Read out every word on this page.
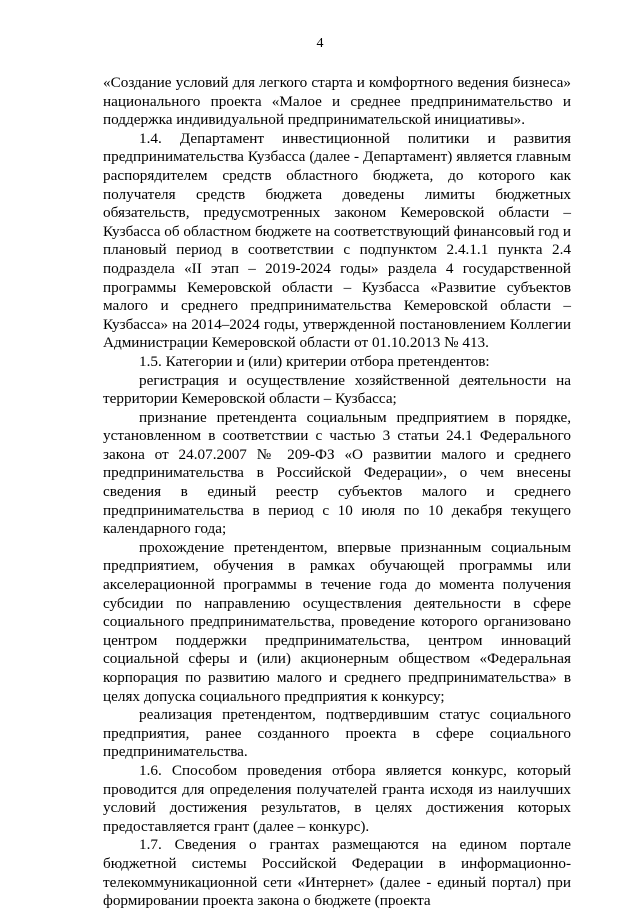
4

«Создание условий для легкого старта и комфортного ведения бизнеса» национального проекта «Малое и среднее предпринимательство и поддержка индивидуальной предпринимательской инициативы».

1.4. Департамент инвестиционной политики и развития предпринимательства Кузбасса (далее - Департамент) является главным распорядителем средств областного бюджета, до которого как получателя средств бюджета доведены лимиты бюджетных обязательств, предусмотренных законом Кемеровской области – Кузбасса об областном бюджете на соответствующий финансовый год и плановый период в соответствии с подпунктом 2.4.1.1 пункта 2.4 подраздела «II этап – 2019-2024 годы» раздела 4 государственной программы Кемеровской области – Кузбасса «Развитие субъектов малого и среднего предпринимательства Кемеровской области – Кузбасса» на 2014–2024 годы, утвержденной постановлением Коллегии Администрации Кемеровской области от 01.10.2013 № 413.

1.5. Категории и (или) критерии отбора претендентов:

регистрация и осуществление хозяйственной деятельности на территории Кемеровской области – Кузбасса;

признание претендента социальным предприятием в порядке, установленном в соответствии с частью 3 статьи 24.1 Федерального закона от 24.07.2007 № 209-ФЗ «О развитии малого и среднего предпринимательства в Российской Федерации», о чем внесены сведения в единый реестр субъектов малого и среднего предпринимательства в период с 10 июля по 10 декабря текущего календарного года;

прохождение претендентом, впервые признанным социальным предприятием, обучения в рамках обучающей программы или акселерационной программы в течение года до момента получения субсидии по направлению осуществления деятельности в сфере социального предпринимательства, проведение которого организовано центром поддержки предпринимательства, центром инноваций социальной сферы и (или) акционерным обществом «Федеральная корпорация по развитию малого и среднего предпринимательства» в целях допуска социального предприятия к конкурсу;

реализация претендентом, подтвердившим статус социального предприятия, ранее созданного проекта в сфере социального предпринимательства.

1.6. Способом проведения отбора является конкурс, который проводится для определения получателей гранта исходя из наилучших условий достижения результатов, в целях достижения которых предоставляется грант (далее – конкурс).

1.7. Сведения о грантах размещаются на едином портале бюджетной системы Российской Федерации в информационно-телекоммуникационной сети «Интернет» (далее - единый портал) при формировании проекта закона о бюджете (проекта
